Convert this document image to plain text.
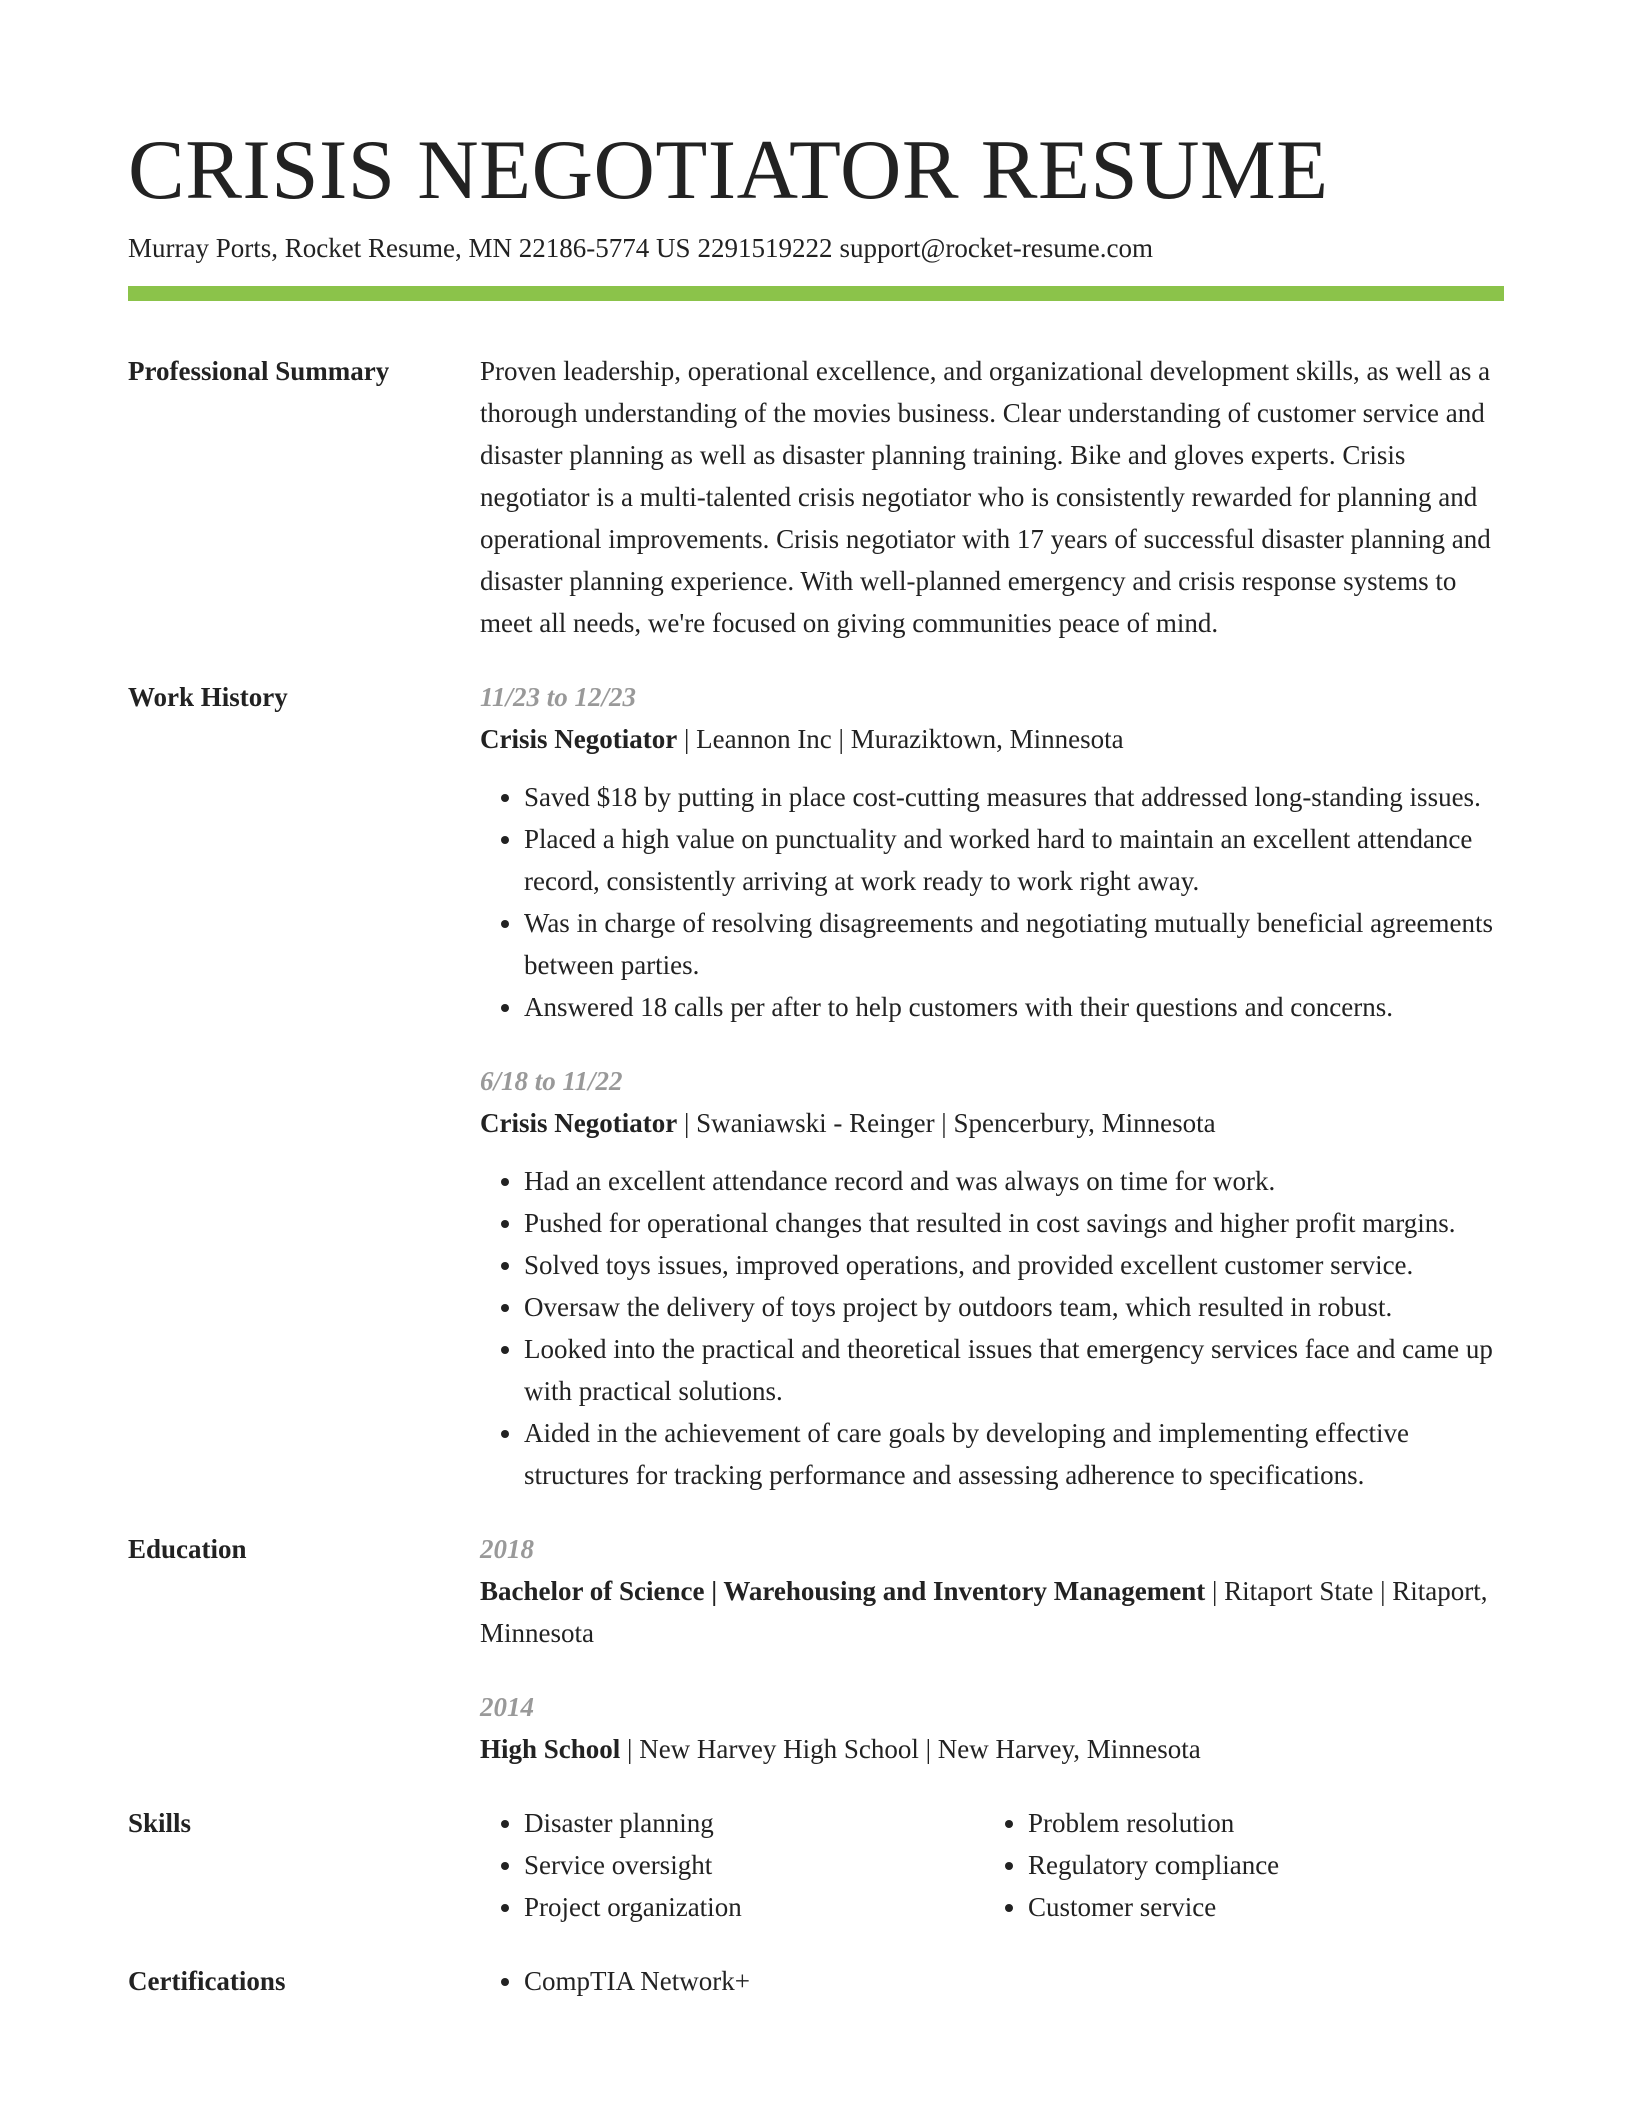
CRISIS NEGOTIATOR RESUME
Murray Ports, Rocket Resume, MN 22186-5774 US 2291519222 support@rocket-resume.com
Professional Summary	Proven leadership, operational excellence, and organizational development skills, as well as a thorough understanding of the movies business. Clear understanding of customer service and disaster planning as well as disaster planning training. Bike and gloves experts. Crisis negotiator is a multi-talented crisis negotiator who is consistently rewarded for planning and operational improvements. Crisis negotiator with 17 years of successful disaster planning and disaster planning experience. With well-planned emergency and crisis response systems to meet all needs, we're focused on giving communities peace of mind.

Work History	11/23 to 12/23
Crisis Negotiator | Leannon Inc | Muraziktown, Minnesota
• Saved $18 by putting in place cost-cutting measures that addressed long-standing issues.
• Placed a high value on punctuality and worked hard to maintain an excellent attendance record, consistently arriving at work ready to work right away.
• Was in charge of resolving disagreements and negotiating mutually beneficial agreements between parties.
• Answered 18 calls per after to help customers with their questions and concerns.
6/18 to 11/22
Crisis Negotiator | Swaniawski - Reinger | Spencerbury, Minnesota
• Had an excellent attendance record and was always on time for work.
• Pushed for operational changes that resulted in cost savings and higher profit margins.
• Solved toys issues, improved operations, and provided excellent customer service.
• Oversaw the delivery of toys project by outdoors team, which resulted in robust.
• Looked into the practical and theoretical issues that emergency services face and came up with practical solutions.
• Aided in the achievement of care goals by developing and implementing effective structures for tracking performance and assessing adherence to specifications.
Education	2018
Bachelor of Science | Warehousing and Inventory Management | Ritaport State | Ritaport, Minnesota
2014
High School | New Harvey High School | New Harvey, Minnesota
Skills	• Disaster planning
• Service oversight
• Project organization
• Problem resolution
• Regulatory compliance
• Customer service
Certifications	• CompTIA Network+
